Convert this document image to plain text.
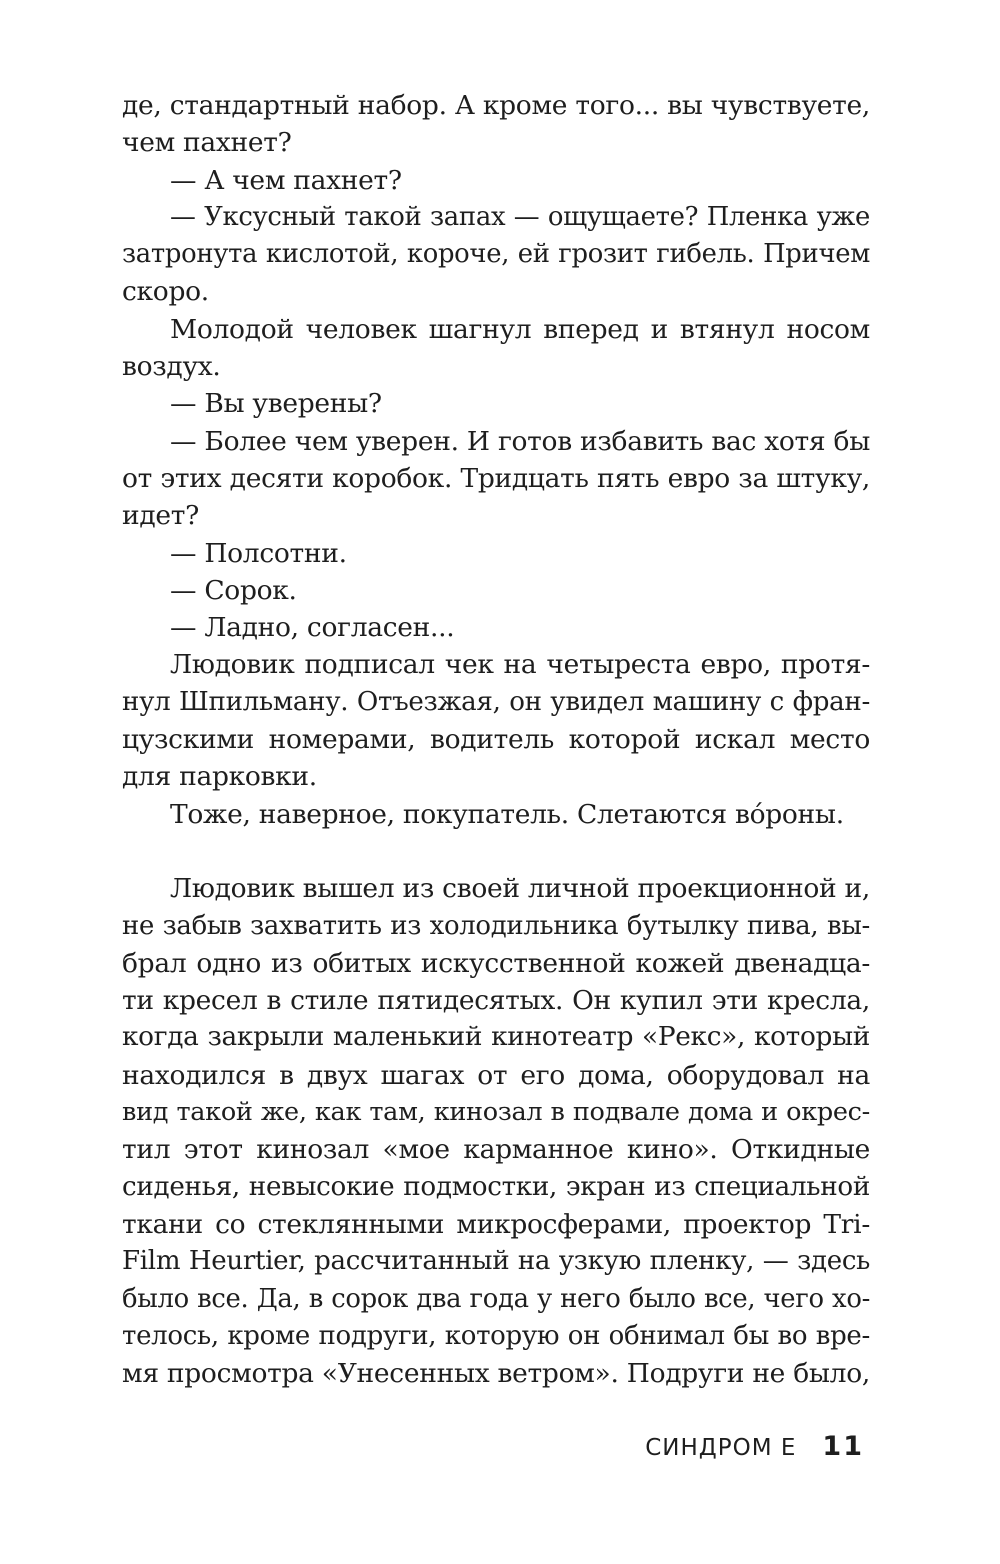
де, стандартный набор. А кроме того... вы чувствуете,
чем пахнет?
— А чем пахнет?
— Уксусный такой запах — ощущаете? Пленка уже
затронута кислотой, короче, ей грозит гибель. Причем
скоро.
Молодой человек шагнул вперед и втянул носом
воздух.
— Вы уверены?
— Более чем уверен. И готов избавить вас хотя бы
от этих десяти коробок. Тридцать пять евро за штуку,
идет?
— Полсотни.
— Сорок.
— Ладно, согласен...
Людовик подписал чек на четыреста евро, протя-
нул Шпильману. Отъезжая, он увидел машину с фран-
цузскими номерами, водитель которой искал место
для парковки.
Тоже, наверное, покупатель. Слетаются во́роны.
Людовик вышел из своей личной проекционной и,
не забыв захватить из холодильника бутылку пива, вы-
брал одно из обитых искусственной кожей двенадца-
ти кресел в стиле пятидесятых. Он купил эти кресла,
когда закрыли маленький кинотеатр «Рекс», который
находился в двух шагах от его дома, оборудовал на
вид такой же, как там, кинозал в подвале дома и окрес-
тил этот кинозал «мое карманное кино». Откидные
сиденья, невысокие подмостки, экран из специальной
ткани со стеклянными микросферами, проектор Tri-
Film Heurtier, рассчитанный на узкую пленку, — здесь
было все. Да, в сорок два года у него было все, чего хо-
телось, кроме подруги, которую он обнимал бы во вре-
мя просмотра «Унесенных ветром». Подруги не было,
СИНДРОМ Е 11
